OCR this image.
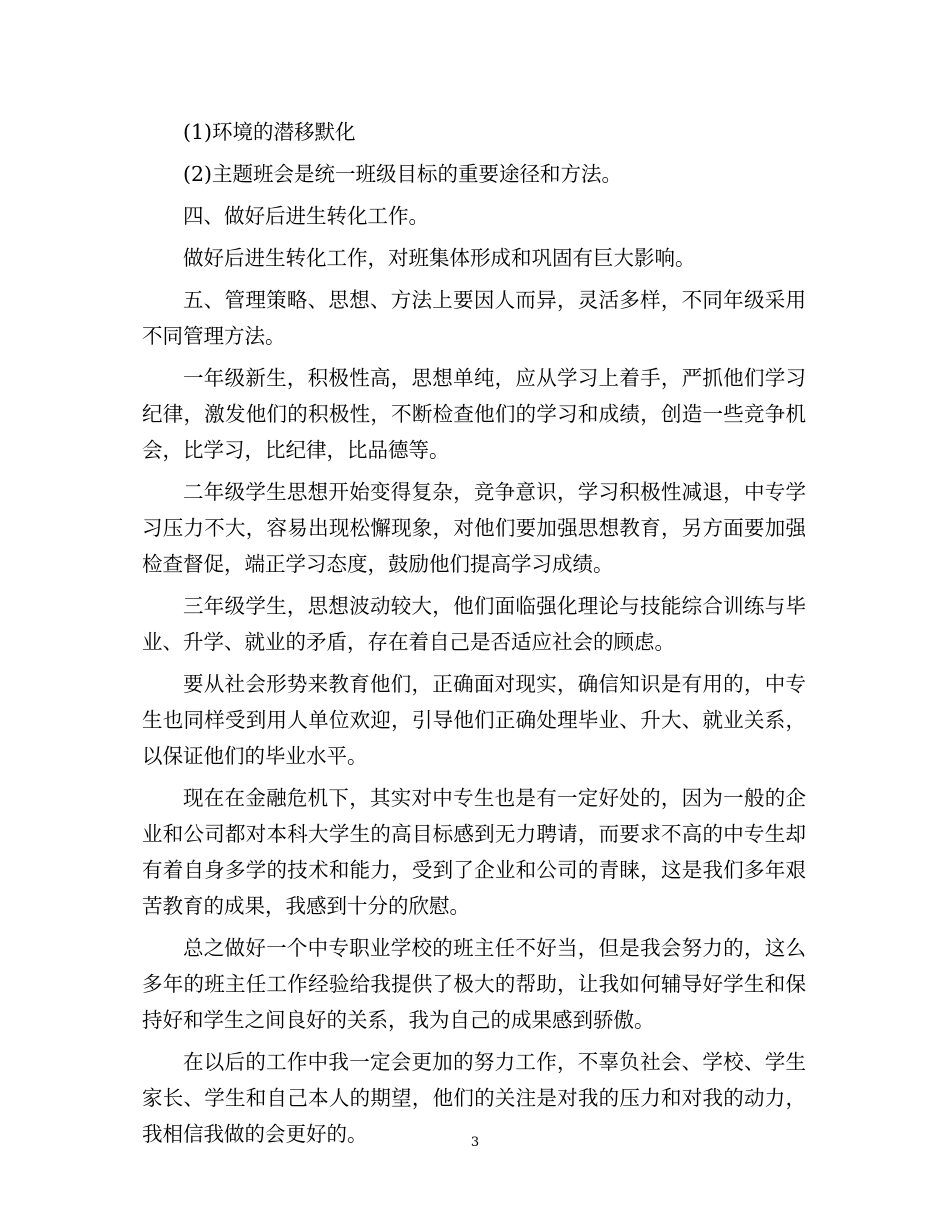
(1)环境的潜移默化

(2)主题班会是统一班级目标的重要途径和方法。

四、做好后进生转化工作。

做好后进生转化工作，对班集体形成和巩固有巨大影响。

五、管理策略、思想、方法上要因人而异，灵活多样，不同年级采用不同管理方法。

一年级新生，积极性高，思想单纯，应从学习上着手，严抓他们学习纪律，激发他们的积极性，不断检查他们的学习和成绩，创造一些竞争机会，比学习，比纪律，比品德等。

二年级学生思想开始变得复杂，竞争意识，学习积极性减退，中专学习压力不大，容易出现松懈现象，对他们要加强思想教育，另方面要加强检查督促，端正学习态度，鼓励他们提高学习成绩。

三年级学生，思想波动较大，他们面临强化理论与技能综合训练与毕业、升学、就业的矛盾，存在着自己是否适应社会的顾虑。

要从社会形势来教育他们，正确面对现实，确信知识是有用的，中专生也同样受到用人单位欢迎，引导他们正确处理毕业、升大、就业关系，以保证他们的毕业水平。

现在在金融危机下，其实对中专生也是有一定好处的，因为一般的企业和公司都对本科大学生的高目标感到无力聘请，而要求不高的中专生却有着自身多学的技术和能力，受到了企业和公司的青睐，这是我们多年艰苦教育的成果，我感到十分的欣慰。

总之做好一个中专职业学校的班主任不好当，但是我会努力的，这么多年的班主任工作经验给我提供了极大的帮助，让我如何辅导好学生和保持好和学生之间良好的关系，我为自己的成果感到骄傲。

在以后的工作中我一定会更加的努力工作，不辜负社会、学校、学生家长、学生和自己本人的期望，他们的关注是对我的压力和对我的动力，我相信我做的会更好的。	3
